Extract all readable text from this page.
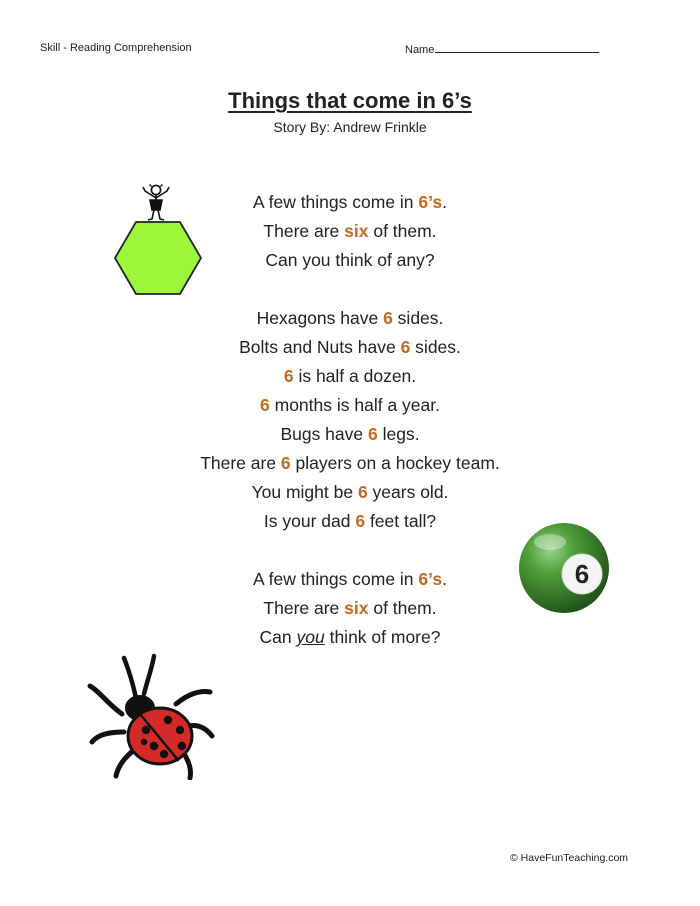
Skill - Reading Comprehension	Name
Things that come in 6’s
Story By: Andrew Frinkle
A few things come in 6’s.
There are six of them.
Can you think of any?
Hexagons have 6 sides.
Bolts and Nuts have 6 sides.
6 is half a dozen.
6 months is half a year.
Bugs have 6 legs.
There are 6 players on a hockey team.
You might be 6 years old.
Is your dad 6 feet tall?
A few things come in 6’s.
There are six of them.
Can you think of more?
6
© HaveFunTeaching.com
